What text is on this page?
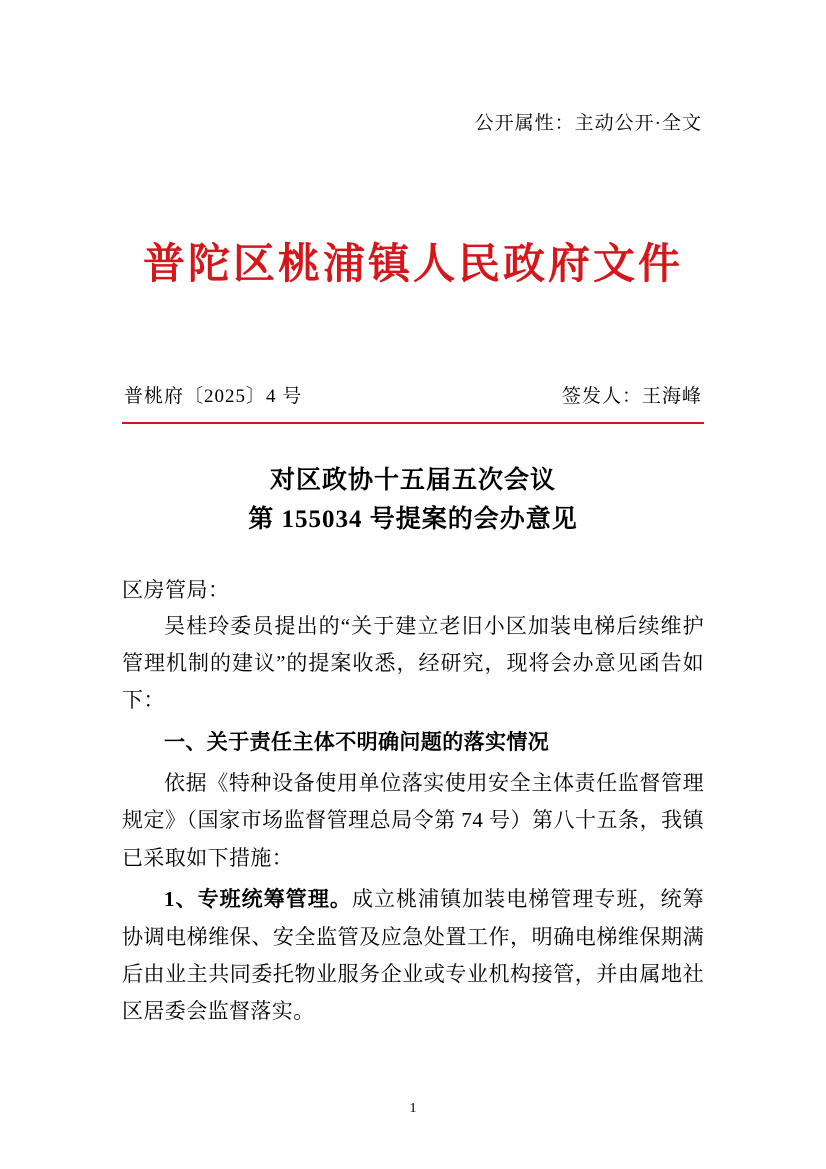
公开属性：主动公开·全文
普陀区桃浦镇人民政府文件
普桃府〔2025〕4 号	签发人：王海峰
对区政协十五届五次会议
第 155034 号提案的会办意见
区房管局：

吴桂玲委员提出的“关于建立老旧小区加装电梯后续维护管理机制的建议”的提案收悉，经研究，现将会办意见函告如下：

一、关于责任主体不明确问题的落实情况

依据《特种设备使用单位落实使用安全主体责任监督管理规定》（国家市场监督管理总局令第 74 号）第八十五条，我镇已采取如下措施：

1、专班统筹管理。成立桃浦镇加装电梯管理专班，统筹协调电梯维保、安全监管及应急处置工作，明确电梯维保期满后由业主共同委托物业服务企业或专业机构接管，并由属地社区居委会监督落实。

1
